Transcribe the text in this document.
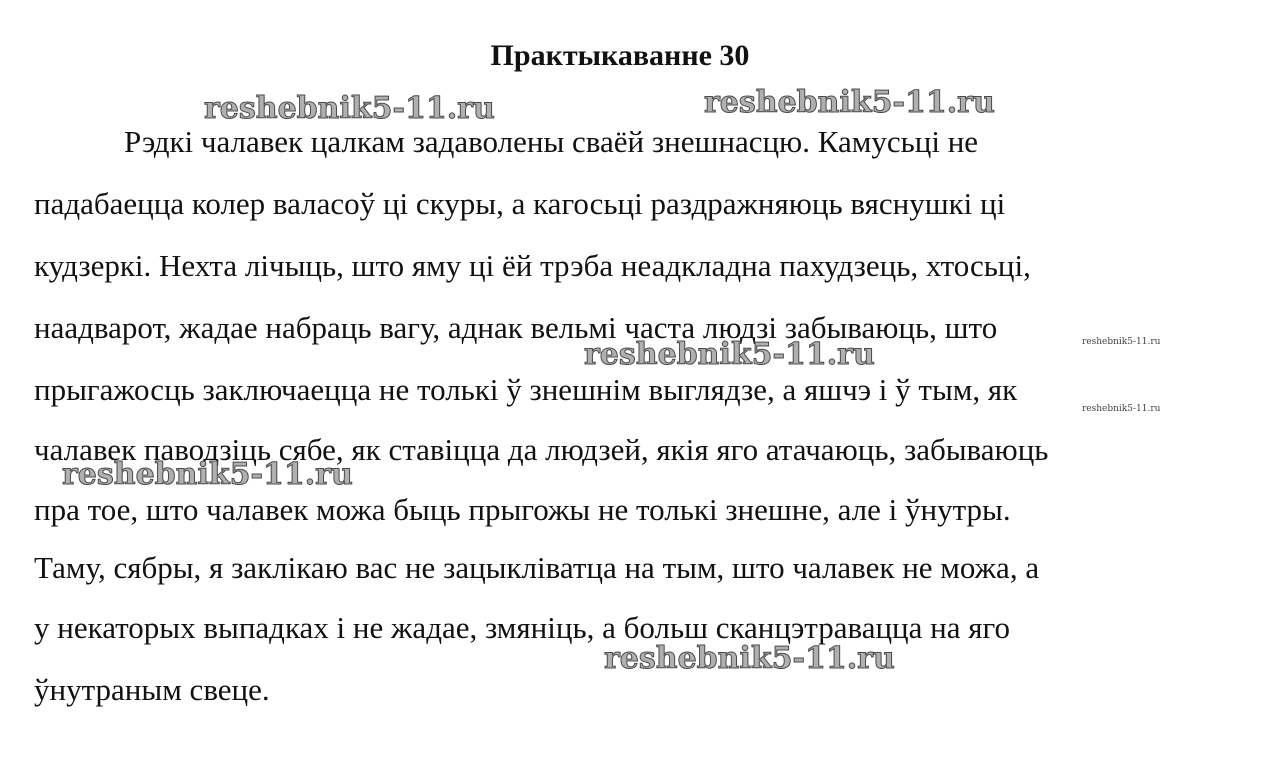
Практыкаванне 30
Рэдкі чалавек цалкам задаволены сваёй знешнасцю. Камусьці не
падабаецца колер валасоў ці скуры, а кагосьці раздражняюць вяснушкі ці
кудзеркі. Нехта лічыць, што яму ці ёй трэба неадкладна пахудзець, хтосьці,
наадварот, жадае набраць вагу, аднак вельмі часта людзі забываюць, што
прыгажосць заключаецца не толькі ў знешнім выглядзе, а яшчэ і ў тым, як
чалавек паводзіць сябе, як ставіцца да людзей, якія яго атачаюць, забываюць
пра тое, што чалавек можа быць прыгожы не толькі знешне, але і ўнутры.
Таму, сябры, я заклікаю вас не зацыкліватца на тым, што чалавек не можа, а
у некаторых выпадках і не жадае, змяніць, а больш сканцэтравацца на яго
ўнутраным свеце.
reshebnik5-11.ru	reshebnik5-11.ru
reshebnik5-11.ru
reshebnik5-11.ru
reshebnik5-11.ru
reshebnik5-11.ru
reshebnik5-11.ru
